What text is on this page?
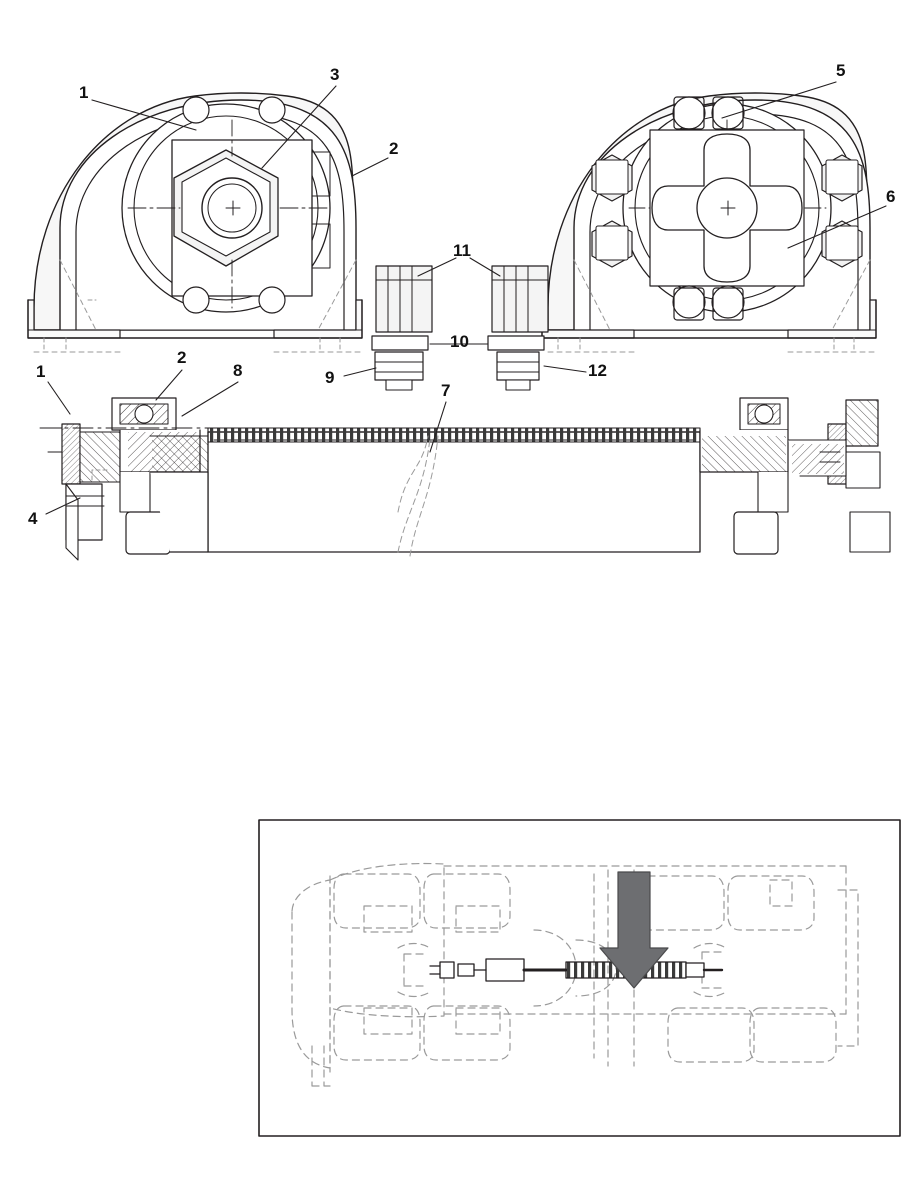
1
3
2
5
6
11
10
9	12
1
2
8
7
4
